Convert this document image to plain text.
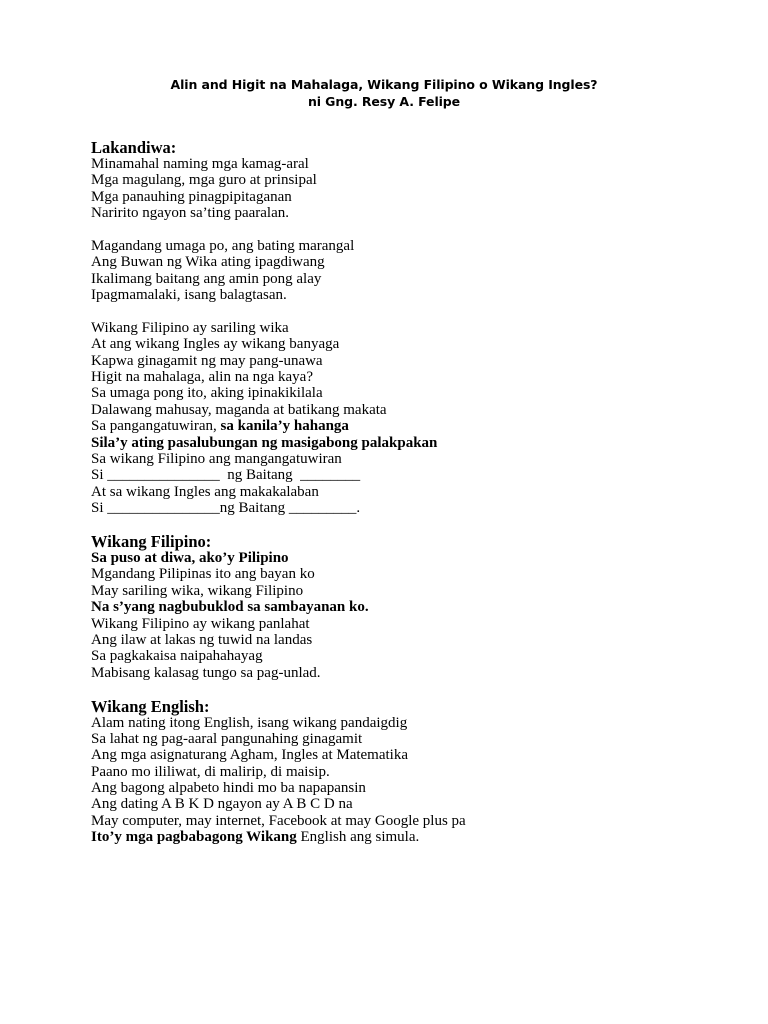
Alin and Higit na Mahalaga, Wikang Filipino o Wikang Ingles?
ni Gng. Resy A. Felipe
Lakandiwa:
Minamahal naming mga kamag-aral
Mga magulang, mga guro at prinsipal
Mga panauhing pinagpipitaganan
Naririto ngayon sa’ting paaralan.
Magandang umaga po, ang bating marangal
Ang Buwan ng Wika ating ipagdiwang
Ikalimang baitang ang amin pong alay
Ipagmamalaki, isang balagtasan.
Wikang Filipino ay sariling wika
At ang wikang Ingles ay wikang banyaga
Kapwa ginagamit ng may pang-unawa
Higit na mahalaga, alin na nga kaya?
Sa umaga pong ito, aking ipinakikilala
Dalawang mahusay, maganda at batikang makata
Sa pangangatuwiran, sa kanila’y hahanga
Sila’y ating pasalubungan ng masigabong palakpakan
Sa wikang Filipino ang mangangatuwiran
Si _______________  ng Baitang  ________
At sa wikang Ingles ang makakalaban
Si _______________ng Baitang _________.
Wikang Filipino:
Sa puso at diwa, ako’y Pilipino
Mgandang Pilipinas ito ang bayan ko
May sariling wika, wikang Filipino
Na s’yang nagbubuklod sa sambayanan ko.
Wikang Filipino ay wikang panlahat
Ang ilaw at lakas ng tuwid na landas
Sa pagkakaisa naipahahayag
Mabisang kalasag tungo sa pag-unlad.
Wikang English:
Alam nating itong English, isang wikang pandaigdig
Sa lahat ng pag-aaral pangunahing ginagamit
Ang mga asignaturang Agham, Ingles at Matematika
Paano mo ililiwat, di malirip, di maisip.
Ang bagong alpabeto hindi mo ba napapansin
Ang dating A B K D ngayon ay A B C D na
May computer, may internet, Facebook at may Google plus pa
Ito’y mga pagbabagong Wikang English ang simula.
